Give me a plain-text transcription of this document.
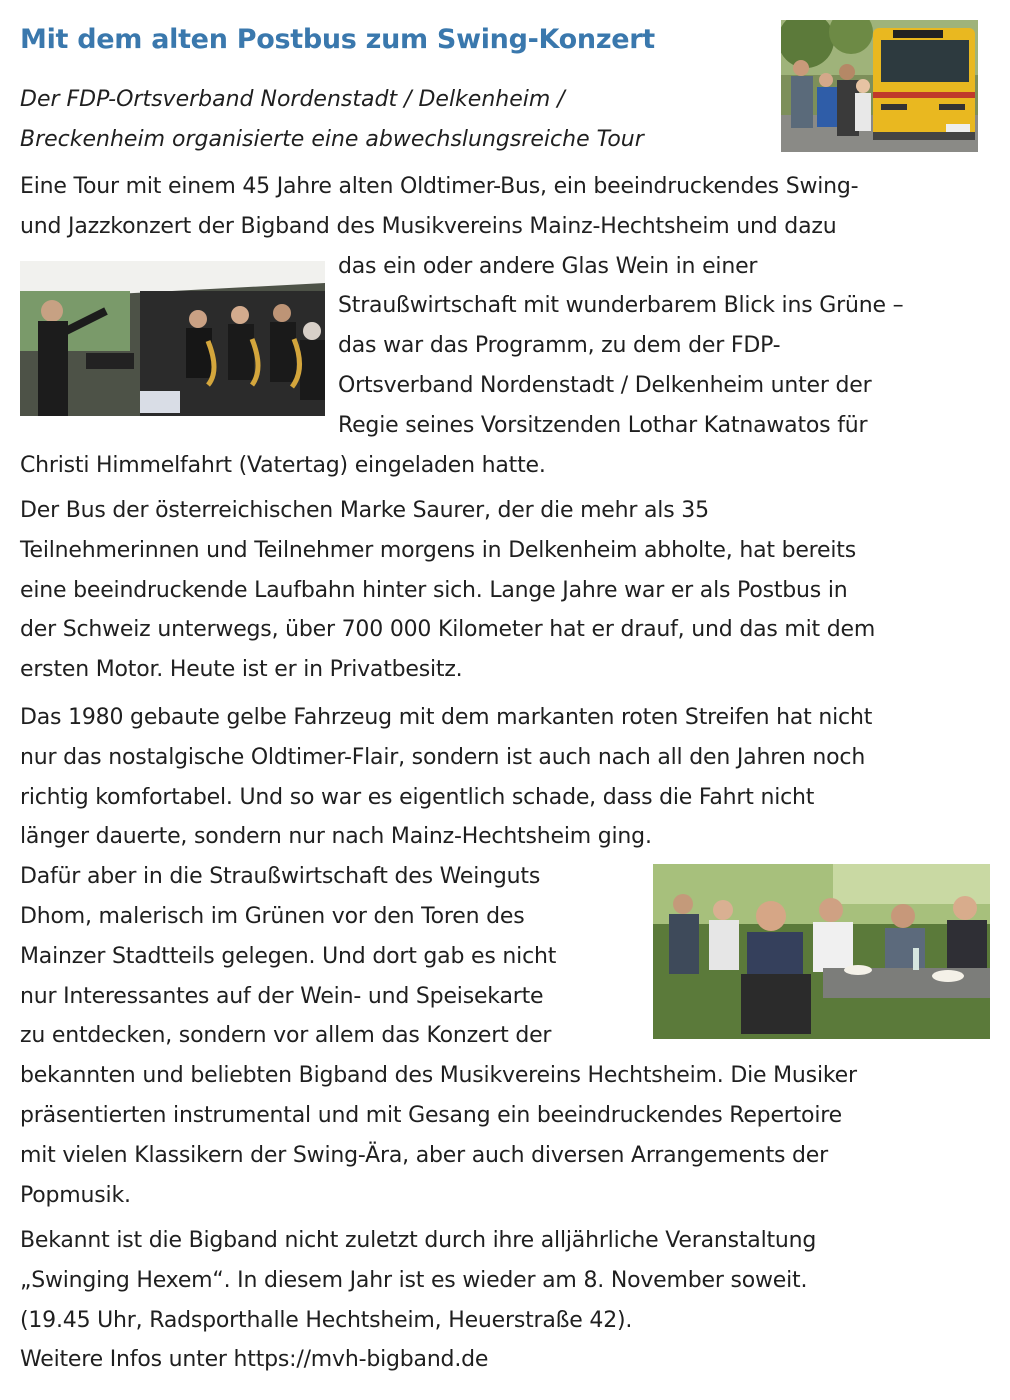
Mit dem alten Postbus zum Swing-Konzert

Der FDP-Ortsverband Nordenstadt / Delkenheim /
Breckenheim organisierte eine abwechslungsreiche Tour

Eine Tour mit einem 45 Jahre alten Oldtimer-Bus, ein beeindruckendes Swing-
und Jazzkonzert der Bigband des Musikvereins Mainz-Hechtsheim und dazu
das ein oder andere Glas Wein in einer
Straußwirtschaft mit wunderbarem Blick ins Grüne –
das war das Programm, zu dem der FDP-
Ortsverband Nordenstadt / Delkenheim unter der
Regie seines Vorsitzenden Lothar Katnawatos für
Christi Himmelfahrt (Vatertag) eingeladen hatte.

Der Bus der österreichischen Marke Saurer, der die mehr als 35
Teilnehmerinnen und Teilnehmer morgens in Delkenheim abholte, hat bereits
eine beeindruckende Laufbahn hinter sich. Lange Jahre war er als Postbus in
der Schweiz unterwegs, über 700 000 Kilometer hat er drauf, und das mit dem
ersten Motor. Heute ist er in Privatbesitz.

Das 1980 gebaute gelbe Fahrzeug mit dem markanten roten Streifen hat nicht
nur das nostalgische Oldtimer-Flair, sondern ist auch nach all den Jahren noch
richtig komfortabel. Und so war es eigentlich schade, dass die Fahrt nicht
länger dauerte, sondern nur nach Mainz-Hechtsheim ging.
Dafür aber in die Straußwirtschaft des Weinguts
Dhom, malerisch im Grünen vor den Toren des
Mainzer Stadtteils gelegen. Und dort gab es nicht
nur Interessantes auf der Wein- und Speisekarte
zu entdecken, sondern vor allem das Konzert der
bekannten und beliebten Bigband des Musikvereins Hechtsheim. Die Musiker
präsentierten instrumental und mit Gesang ein beeindruckendes Repertoire
mit vielen Klassikern der Swing-Ära, aber auch diversen Arrangements der
Popmusik.

Bekannt ist die Bigband nicht zuletzt durch ihre alljährliche Veranstaltung
„Swinging Hexem“. In diesem Jahr ist es wieder am 8. November soweit.
(19.45 Uhr, Radsporthalle Hechtsheim, Heuerstraße 42).
Weitere Infos unter https://mvh-bigband.de
